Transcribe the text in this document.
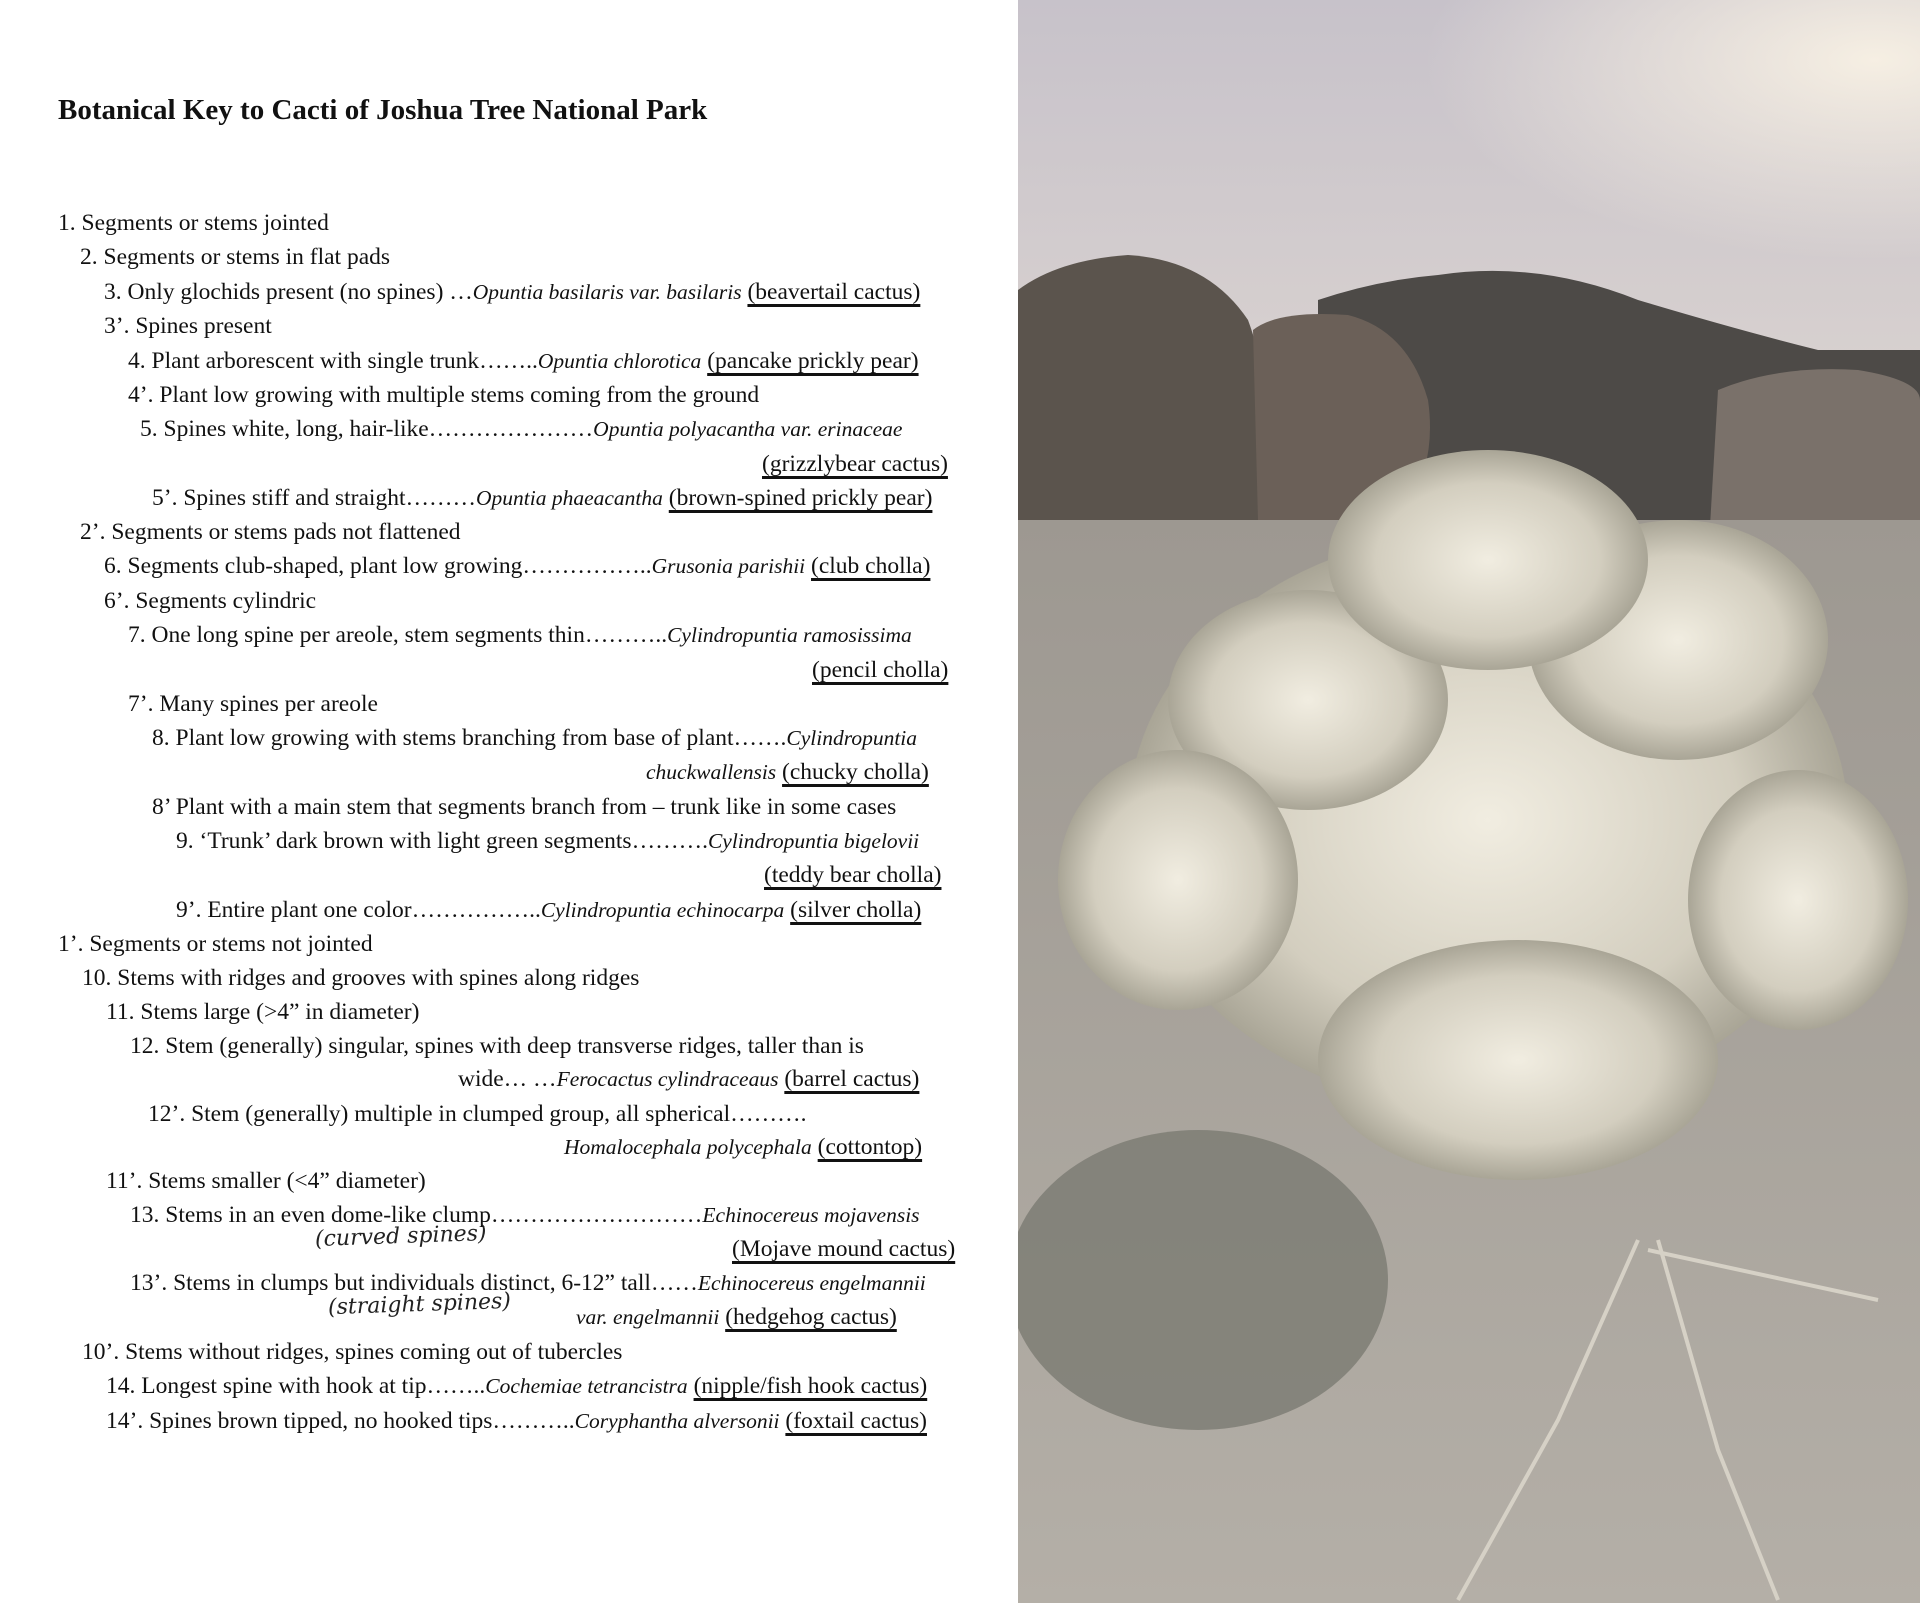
Botanical Key to Cacti of Joshua Tree National Park
1. Segments or stems jointed
2. Segments or stems in flat pads
3. Only glochids present (no spines) …Opuntia basilaris var. basilaris (beavertail cactus)
3’. Spines present
4. Plant arborescent with single trunk……..Opuntia chlorotica (pancake prickly pear)
4’. Plant low growing with multiple stems coming from the ground
5. Spines white, long, hair-like…………………Opuntia polyacantha var. erinaceae
(grizzlybear cactus)
5’. Spines stiff and straight………Opuntia phaeacantha (brown-spined prickly pear)
2’. Segments or stems pads not flattened
6. Segments club-shaped, plant low growing……………..Grusonia parishii (club cholla)
6’. Segments cylindric
7. One long spine per areole, stem segments thin………..Cylindropuntia ramosissima
(pencil cholla)
7’. Many spines per areole
8. Plant low growing with stems branching from base of plant…….Cylindropuntia
chuckwallensis (chucky cholla)
8’ Plant with a main stem that segments branch from – trunk like in some cases
9. ‘Trunk’ dark brown with light green segments……….Cylindropuntia bigelovii
(teddy bear cholla)
9’. Entire plant one color……………..Cylindropuntia echinocarpa (silver cholla)
1’. Segments or stems not jointed
10. Stems with ridges and grooves with spines along ridges
11. Stems large (>4” in diameter)
12. Stem (generally) singular, spines with deep transverse ridges, taller than is
wide… …Ferocactus cylindraceaus (barrel cactus)
12’. Stem (generally) multiple in clumped group, all spherical……….
Homalocephala polycephala (cottontop)
11’. Stems smaller (<4” diameter)
13. Stems in an even dome-like clump………………………Echinocereus mojavensis
(Mojave mound cactus)
13’. Stems in clumps but individuals distinct, 6-12” tall……Echinocereus engelmannii
var. engelmannii (hedgehog cactus)
10’. Stems without ridges, spines coming out of tubercles
14. Longest spine with hook at tip……..Cochemiae tetrancistra (nipple/fish hook cactus)
14’. Spines brown tipped, no hooked tips………..Coryphantha alversonii (foxtail cactus)
(curved spines)
(straight spines)
